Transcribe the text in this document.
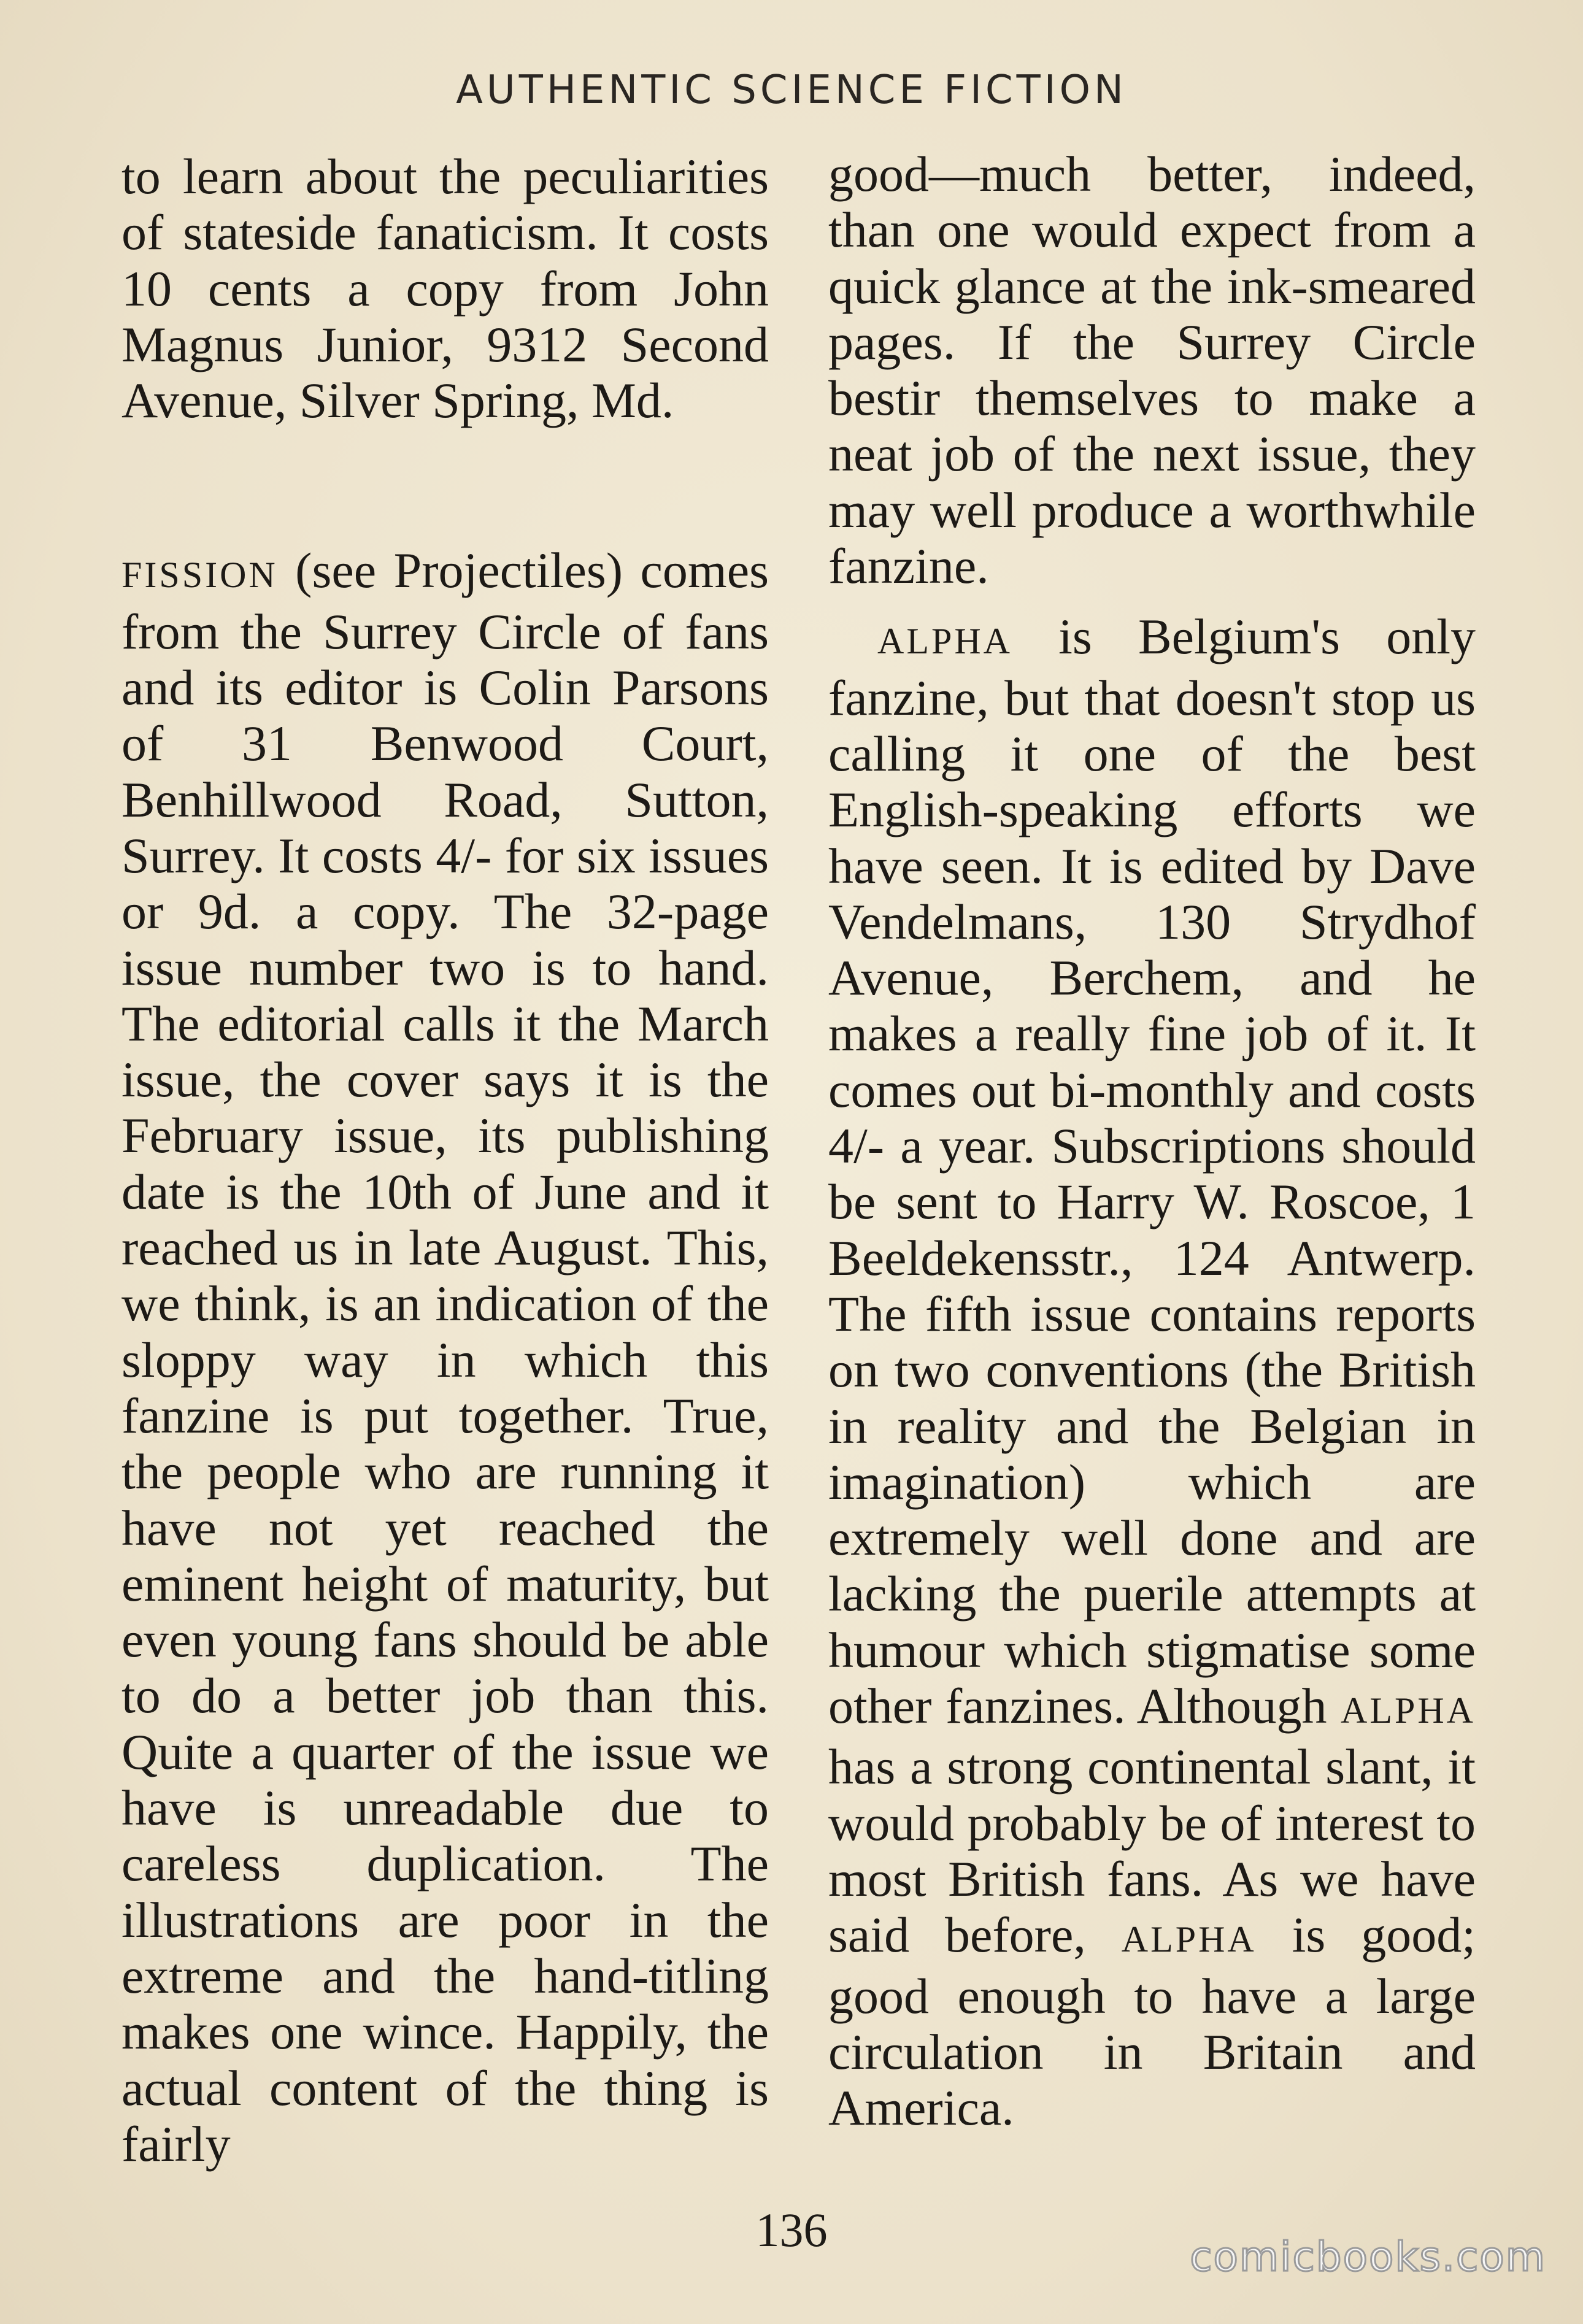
AUTHENTIC SCIENCE FICTION

to learn about the peculiarities of stateside fanaticism. It costs 10 cents a copy from John Magnus Junior, 9312 Second Avenue, Silver Spring, Md.

FISSION (see Projectiles) comes from the Surrey Circle of fans and its editor is Colin Parsons of 31 Benwood Court, Benhillwood Road, Sutton, Surrey. It costs 4/- for six issues or 9d. a copy. The 32-page issue number two is to hand. The editorial calls it the March issue, the cover says it is the February issue, its publishing date is the 10th of June and it reached us in late August. This, we think, is an indication of the sloppy way in which this fanzine is put together. True, the people who are running it have not yet reached the eminent height of maturity, but even young fans should be able to do a better job than this. Quite a quarter of the issue we have is unreadable due to careless duplication. The illustrations are poor in the extreme and the hand-titling makes one wince. Happily, the actual content of the thing is fairly

good—much better, indeed, than one would expect from a quick glance at the ink-smeared pages. If the Surrey Circle bestir themselves to make a neat job of the next issue, they may well produce a worthwhile fanzine.

ALPHA is Belgium's only fanzine, but that doesn't stop us calling it one of the best English-speaking efforts we have seen. It is edited by Dave Vendelmans, 130 Strydhof Avenue, Berchem, and he makes a really fine job of it. It comes out bi-monthly and costs 4/- a year. Subscriptions should be sent to Harry W. Roscoe, 1 Beeldekensstr., 124 Antwerp. The fifth issue contains reports on two conventions (the British in reality and the Belgian in imagination) which are extremely well done and are lacking the puerile attempts at humour which stigmatise some other fanzines. Although ALPHA has a strong continental slant, it would probably be of interest to most British fans. As we have said before, ALPHA is good; good enough to have a large circulation in Britain and America.

136
comicbooks.com
